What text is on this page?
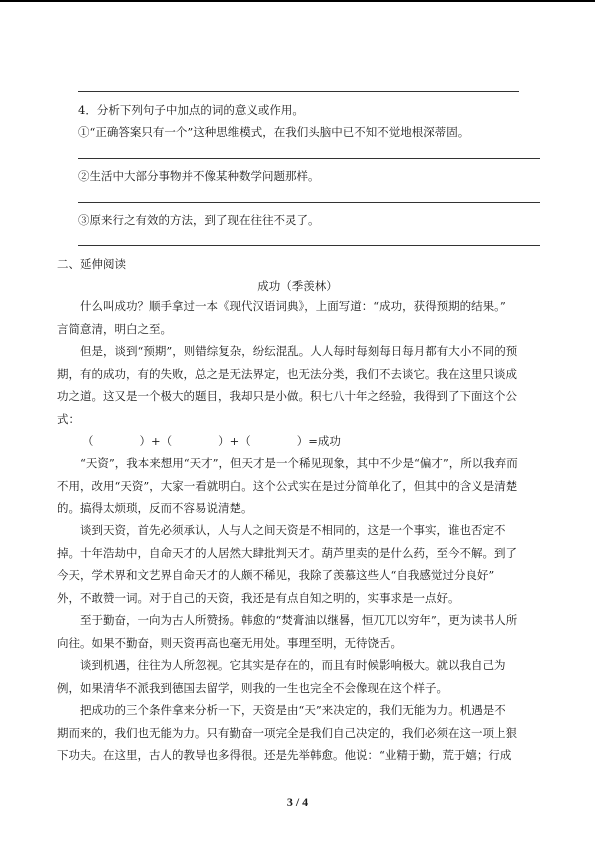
4．分析下列句子中加点的词的意义或作用。
①“正确答案只有一个”这种思维模式，在我们头脑中已不知不觉地根深蒂固。
②生活中大部分事物并不像某种数学问题那样。
③原来行之有效的方法，到了现在往往不灵了。
二、延伸阅读
成功（季羡林）
什么叫成功？顺手拿过一本《现代汉语词典》，上面写道：“成功，获得预期的结果。”
言简意清，明白之至。
但是，谈到“预期”，则错综复杂，纷纭混乱。人人每时每刻每日每月都有大小不同的预
期，有的成功，有的失败，总之是无法界定，也无法分类，我们不去谈它。我在这里只谈成
功之道。这又是一个极大的题目，我却只是小做。积七八十年之经验，我得到了下面这个公
式：
（　　　　）+（　　　　）+（　　　　）=成功
“天资”，我本来想用“天才”，但天才是一个稀见现象，其中不少是“偏才”，所以我弃而
不用，改用“天资”，大家一看就明白。这个公式实在是过分简单化了，但其中的含义是清楚
的。搞得太烦琐，反而不容易说清楚。
谈到天资，首先必须承认，人与人之间天资是不相同的，这是一个事实，谁也否定不
掉。十年浩劫中，自命天才的人居然大肆批判天才。葫芦里卖的是什么药，至今不解。到了
今天，学术界和文艺界自命天才的人颇不稀见，我除了羡慕这些人“自我感觉过分良好”
外，不敢赞一词。对于自己的天资，我还是有点自知之明的，实事求是一点好。
至于勤奋，一向为古人所赞扬。韩愈的“焚膏油以继晷，恒兀兀以穷年”，更为读书人所
向往。如果不勤奋，则天资再高也毫无用处。事理至明，无待饶舌。
谈到机遇，往往为人所忽视。它其实是存在的，而且有时候影响极大。就以我自己为
例，如果清华不派我到德国去留学，则我的一生也完全不会像现在这个样子。
把成功的三个条件拿来分析一下，天资是由“天”来决定的，我们无能为力。机遇是不
期而来的，我们也无能为力。只有勤奋一项完全是我们自己决定的，我们必须在这一项上狠
下功夫。在这里，古人的教导也多得很。还是先举韩愈。他说：“业精于勤，荒于嬉；行成
3 / 4
